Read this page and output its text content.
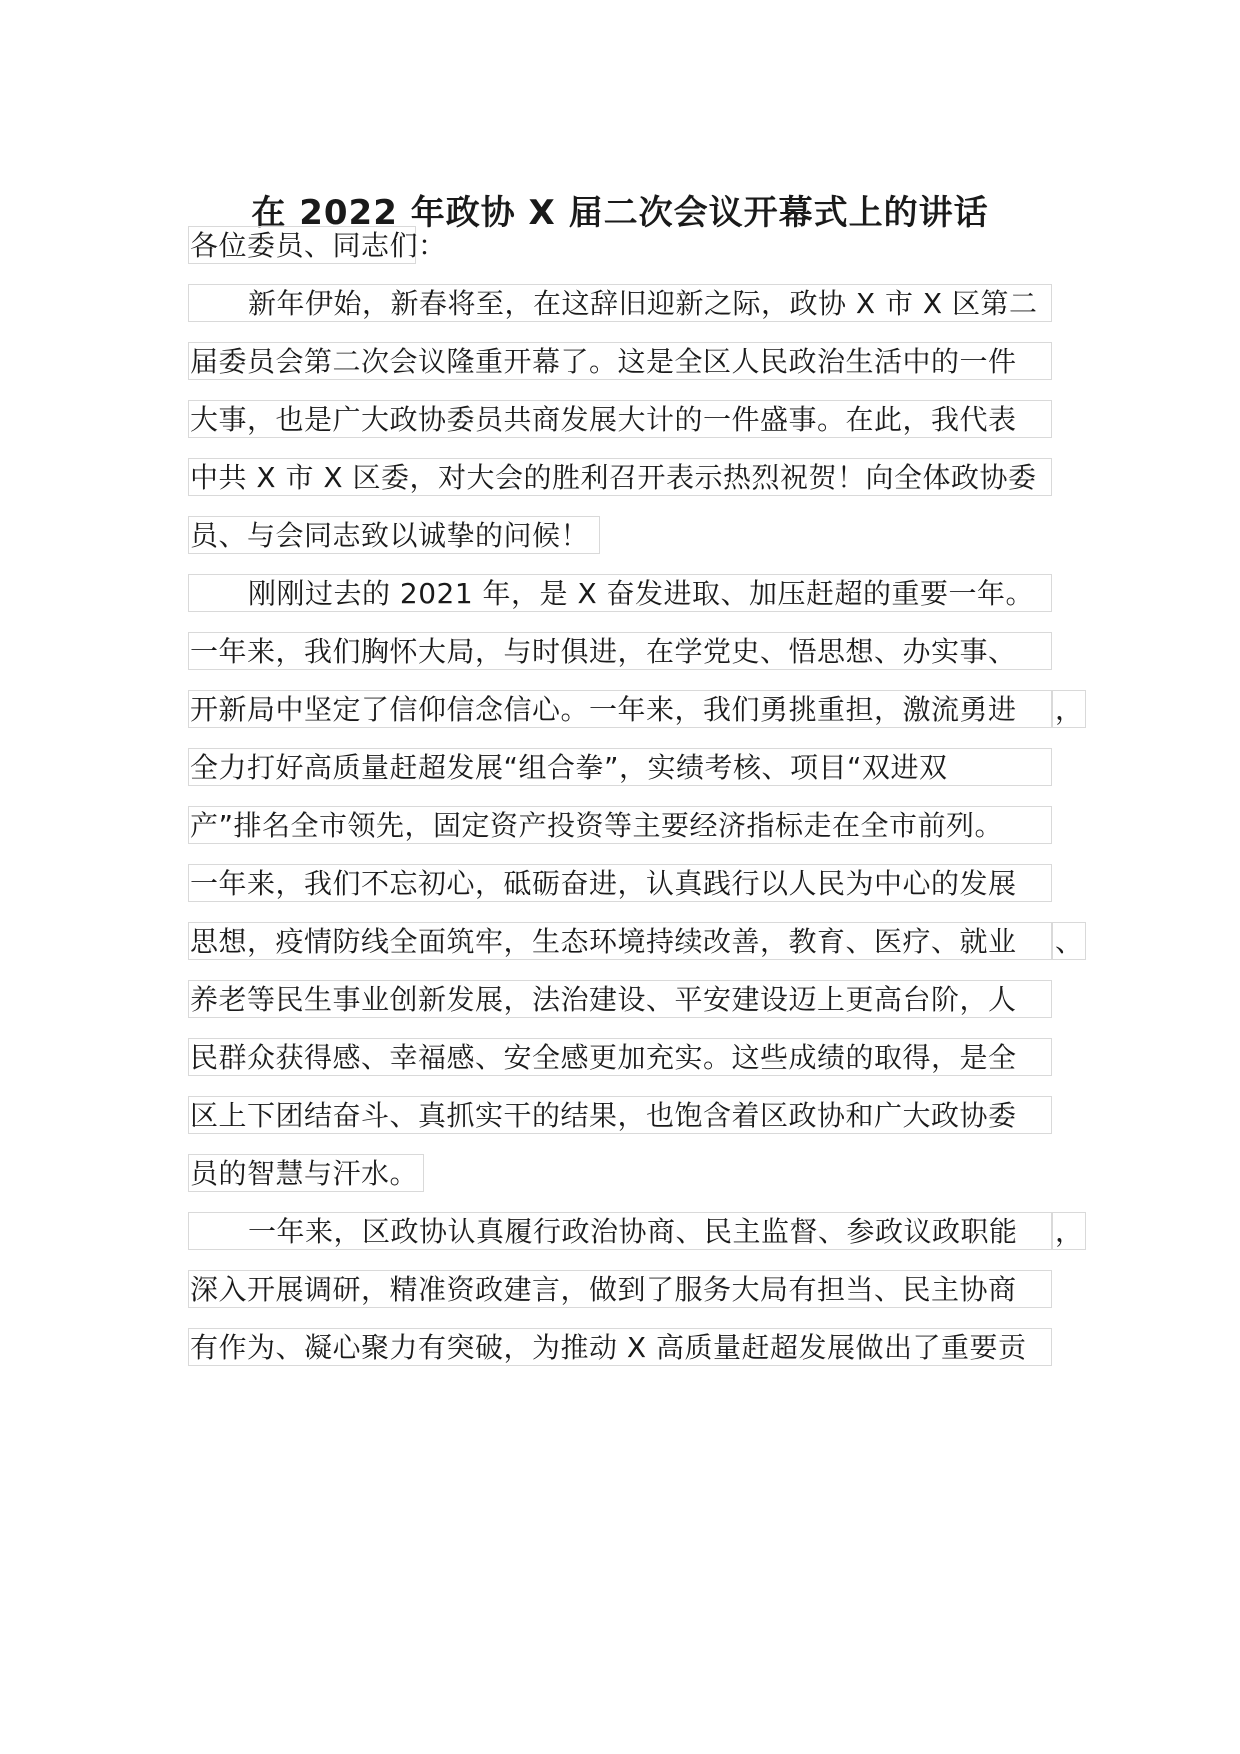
在 2022 年政协 X 届二次会议开幕式上的讲话
各位委员、同志们：
新年伊始，新春将至，在这辞旧迎新之际，政协 X 市 X 区第二
届委员会第二次会议隆重开幕了。这是全区人民政治生活中的一件
大事，也是广大政协委员共商发展大计的一件盛事。在此，我代表
中共 X 市 X 区委，对大会的胜利召开表示热烈祝贺！向全体政协委
员、与会同志致以诚挚的问候！
刚刚过去的 2021 年，是 X 奋发进取、加压赶超的重要一年。
一年来，我们胸怀大局，与时俱进，在学党史、悟思想、办实事、
开新局中坚定了信仰信念信心。一年来，我们勇挑重担，激流勇进	，
全力打好高质量赶超发展“组合拳”，实绩考核、项目“双进双
产”排名全市领先，固定资产投资等主要经济指标走在全市前列。
一年来，我们不忘初心，砥砺奋进，认真践行以人民为中心的发展
思想，疫情防线全面筑牢，生态环境持续改善，教育、医疗、就业	、
养老等民生事业创新发展，法治建设、平安建设迈上更高台阶，人
民群众获得感、幸福感、安全感更加充实。这些成绩的取得，是全
区上下团结奋斗、真抓实干的结果，也饱含着区政协和广大政协委
员的智慧与汗水。
一年来，区政协认真履行政治协商、民主监督、参政议政职能	，
深入开展调研，精准资政建言，做到了服务大局有担当、民主协商
有作为、凝心聚力有突破，为推动 X 高质量赶超发展做出了重要贡
